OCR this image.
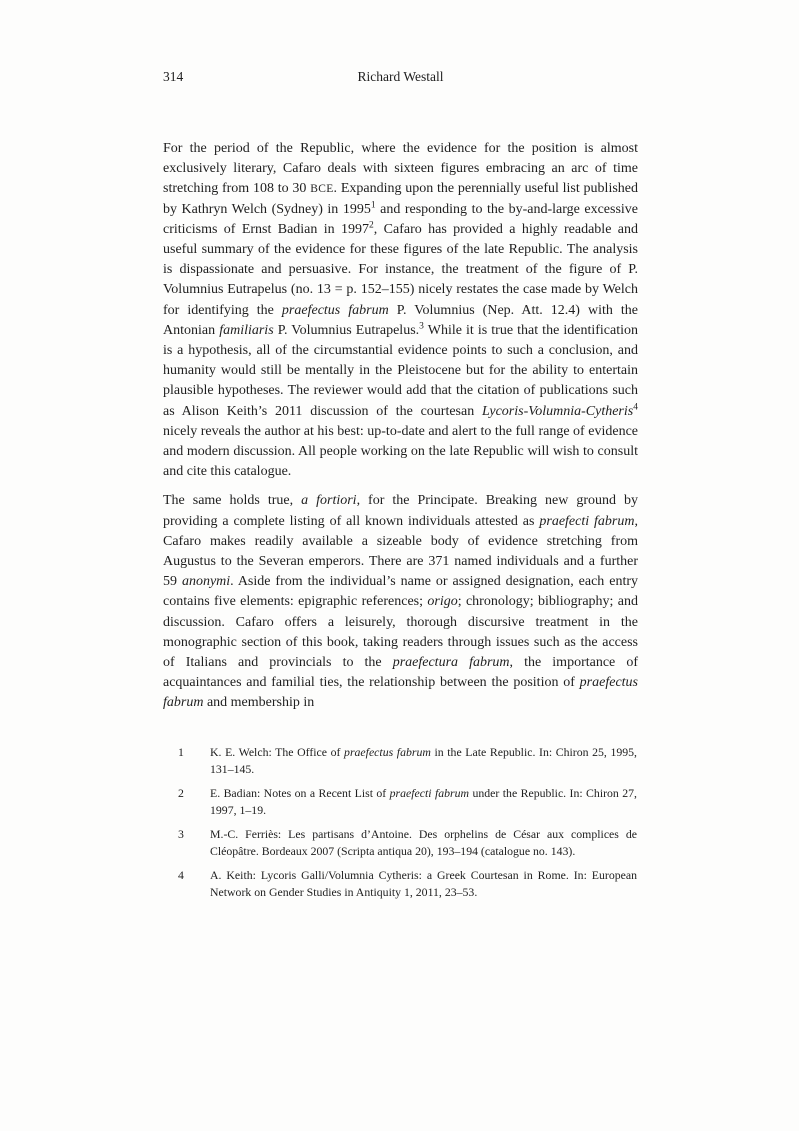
314	Richard Westall
For the period of the Republic, where the evidence for the position is almost exclusively literary, Cafaro deals with sixteen figures embracing an arc of time stretching from 108 to 30 BCE. Expanding upon the perennially useful list published by Kathryn Welch (Sydney) in 1995$^1$ and responding to the by-and-large excessive criticisms of Ernst Badian in 1997$^2$, Cafaro has provided a highly readable and useful summary of the evidence for these figures of the late Republic. The analysis is dispassionate and persuasive. For instance, the treatment of the figure of P. Volumnius Eutrapelus (no. 13 = p. 152–155) nicely restates the case made by Welch for identifying the praefectus fabrum P. Volumnius (Nep. Att. 12.4) with the Antonian familiaris P. Volumnius Eutrapelus.$^3$ While it is true that the identification is a hypothesis, all of the circumstantial evidence points to such a conclusion, and humanity would still be mentally in the Pleistocene but for the ability to entertain plausible hypotheses. The reviewer would add that the citation of publications such as Alison Keith’s 2011 discussion of the courtesan Lycoris-Volumnia-Cytheris$^4$ nicely reveals the author at his best: up-to-date and alert to the full range of evidence and modern discussion. All people working on the late Republic will wish to consult and cite this catalogue.
The same holds true, a fortiori, for the Principate. Breaking new ground by providing a complete listing of all known individuals attested as praefecti fabrum, Cafaro makes readily available a sizeable body of evidence stretching from Augustus to the Severan emperors. There are 371 named individuals and a further 59 anonymi. Aside from the individual’s name or assigned designation, each entry contains five elements: epigraphic references; origo; chronology; bibliography; and discussion. Cafaro offers a leisurely, thorough discursive treatment in the monographic section of this book, taking readers through issues such as the access of Italians and provincials to the praefectura fabrum, the importance of acquaintances and familial ties, the relationship between the position of praefectus fabrum and membership in
1	K. E. Welch: The Office of praefectus fabrum in the Late Republic. In: Chiron 25, 1995, 131–145.
2	E. Badian: Notes on a Recent List of praefecti fabrum under the Republic. In: Chiron 27, 1997, 1–19.
3	M.-C. Ferriès: Les partisans d’Antoine. Des orphelins de César aux complices de Cléopâtre. Bordeaux 2007 (Scripta antiqua 20), 193–194 (catalogue no. 143).
4	A. Keith: Lycoris Galli/Volumnia Cytheris: a Greek Courtesan in Rome. In: European Network on Gender Studies in Antiquity 1, 2011, 23–53.
